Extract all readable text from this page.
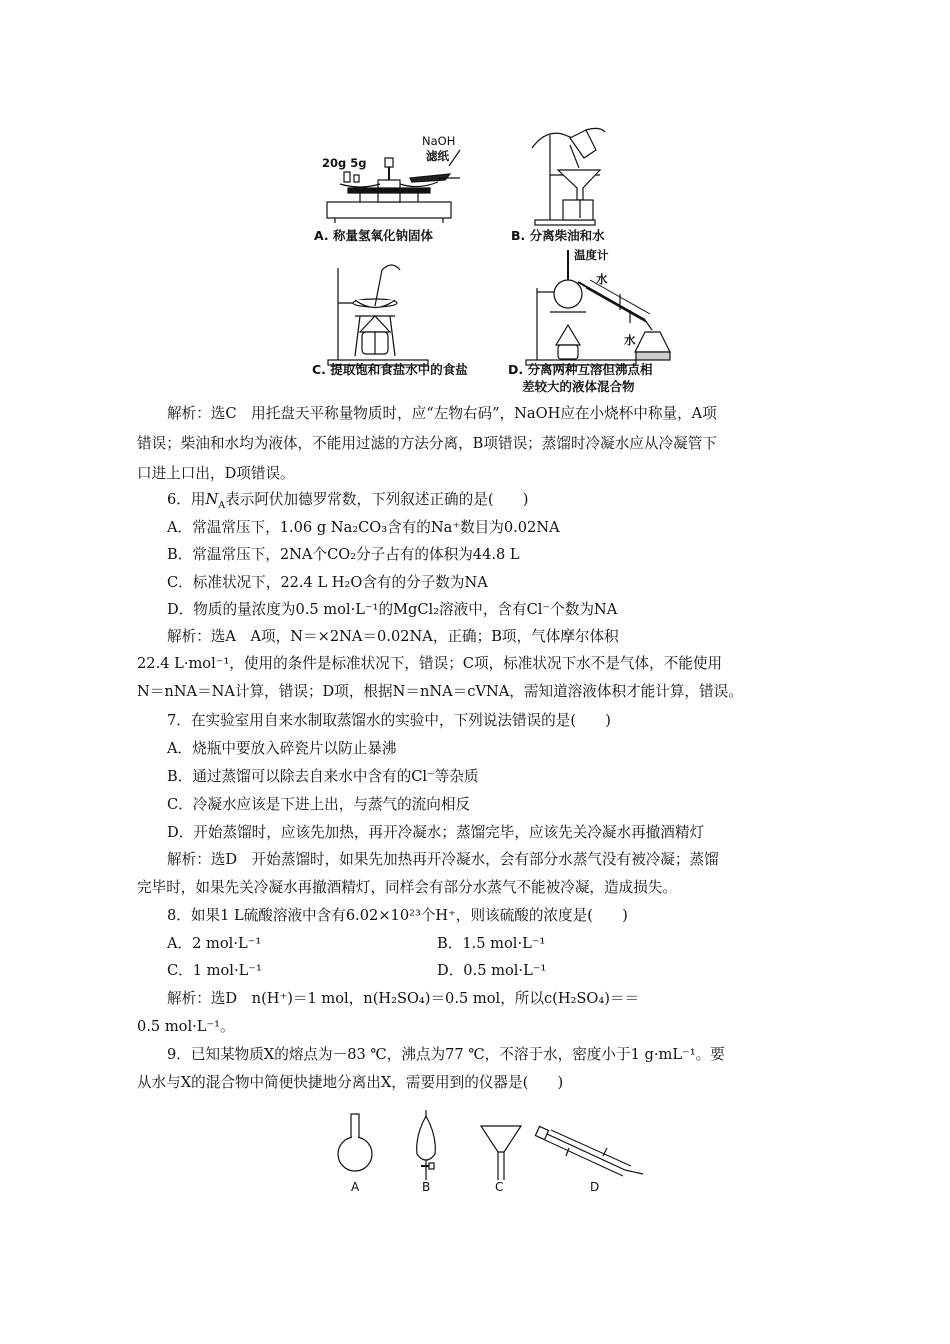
20g 5g
NaOH
滤纸
温度计
水
水
A. 称量氢氧化钠固体	B. 分离柴油和水
C. 提取饱和食盐水中的食盐	D. 分离两种互溶但沸点相
差较大的液体混合物
解析：选C　用托盘天平称量物质时，应“左物右码”，NaOH应在小烧杯中称量，A项
错误；柴油和水均为液体，不能用过滤的方法分离，B项错误；蒸馏时冷凝水应从冷凝管下
口进上口出，D项错误。
6．用$N_A$表示阿伏加德罗常数，下列叙述正确的是(　　)
A．常温常压下，1.06 g Na₂CO₃含有的Na⁺数目为0.02NA
B．常温常压下，2NA个CO₂分子占有的体积为44.8 L
C．标准状况下，22.4 L H₂O含有的分子数为NA
D．物质的量浓度为0.5 mol·L⁻¹的MgCl₂溶液中，含有Cl⁻个数为NA
解析：选A　A项，N＝×2NA＝0.02NA，正确；B项，气体摩尔体积
22.4 L·mol⁻¹，使用的条件是标准状况下，错误；C项，标准状况下水不是气体，不能使用
N＝nNA＝NA计算，错误；D项，根据N＝nNA＝cVNA，需知道溶液体积才能计算，错误。
7．在实验室用自来水制取蒸馏水的实验中，下列说法错误的是(　　)
A．烧瓶中要放入碎瓷片以防止暴沸
B．通过蒸馏可以除去自来水中含有的Cl⁻等杂质
C．冷凝水应该是下进上出，与蒸气的流向相反
D．开始蒸馏时，应该先加热，再开冷凝水；蒸馏完毕，应该先关冷凝水再撤酒精灯
解析：选D　开始蒸馏时，如果先加热再开冷凝水，会有部分水蒸气没有被冷凝；蒸馏
完毕时，如果先关冷凝水再撤酒精灯，同样会有部分水蒸气不能被冷凝，造成损失。
8．如果1 L硫酸溶液中含有6.02×10²³个H⁺，则该硫酸的浓度是(　　)
A．2 mol·L⁻¹	B．1.5 mol·L⁻¹
C．1 mol·L⁻¹	D．0.5 mol·L⁻¹
解析：选D　n(H⁺)＝1 mol，n(H₂SO₄)＝0.5 mol，所以c(H₂SO₄)＝＝
0.5 mol·L⁻¹。
9．已知某物质X的熔点为－83 ℃，沸点为77 ℃，不溶于水，密度小于1 g·mL⁻¹。要
从水与X的混合物中简便快捷地分离出X，需要用到的仪器是(　　)
A	B	C	D
